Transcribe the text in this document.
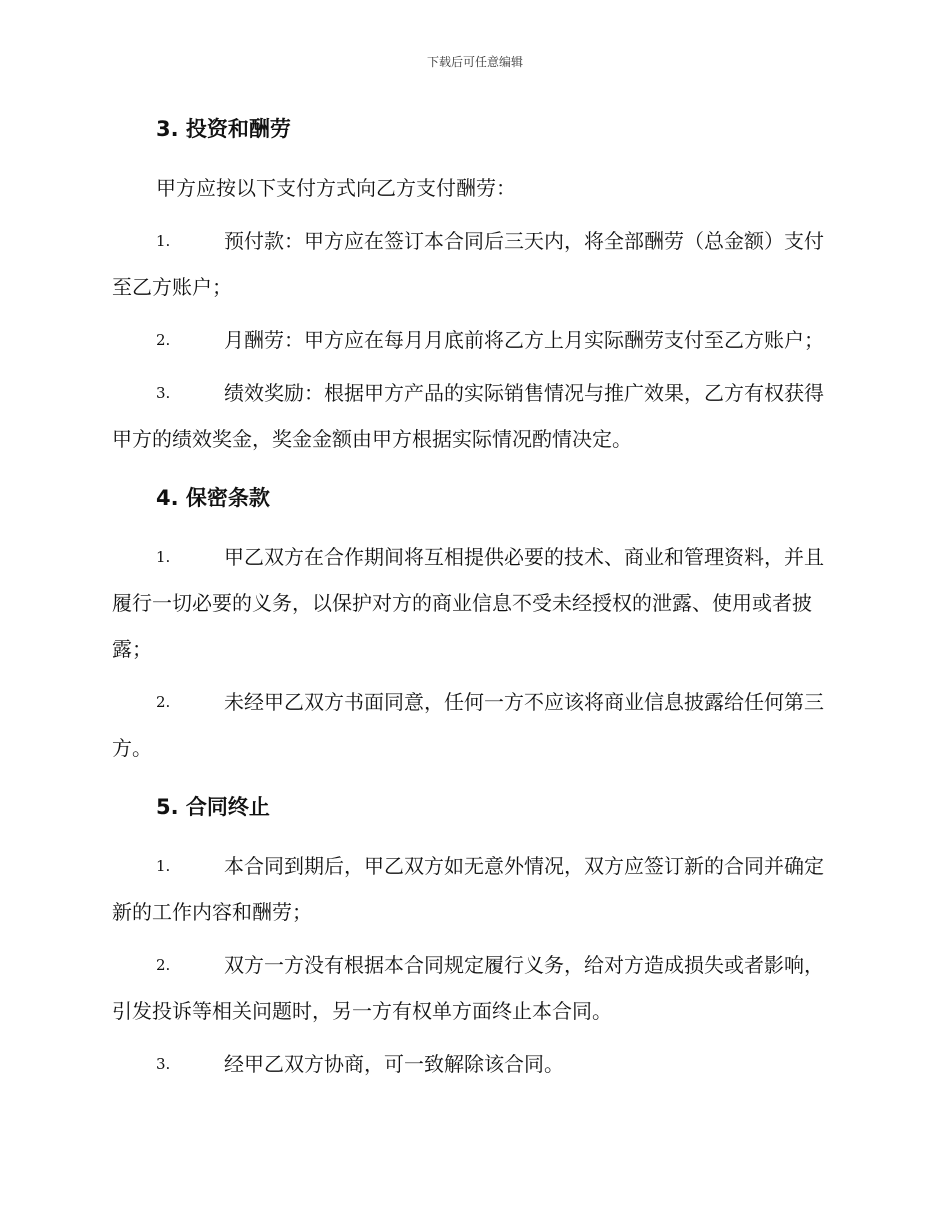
下载后可任意编辑
3. 投资和酬劳
甲方应按以下支付方式向乙方支付酬劳：
1.	预付款：甲方应在签订本合同后三天内，将全部酬劳（总金额）支付至乙方账户；
2.	月酬劳：甲方应在每月月底前将乙方上月实际酬劳支付至乙方账户；
3.	绩效奖励：根据甲方产品的实际销售情况与推广效果，乙方有权获得甲方的绩效奖金，奖金金额由甲方根据实际情况酌情决定。
4. 保密条款
1.	甲乙双方在合作期间将互相提供必要的技术、商业和管理资料，并且履行一切必要的义务，以保护对方的商业信息不受未经授权的泄露、使用或者披露；
2.	未经甲乙双方书面同意，任何一方不应该将商业信息披露给任何第三方。
5. 合同终止
1.	本合同到期后，甲乙双方如无意外情况，双方应签订新的合同并确定新的工作内容和酬劳；
2.	双方一方没有根据本合同规定履行义务，给对方造成损失或者影响，引发投诉等相关问题时，另一方有权单方面终止本合同。
3.	经甲乙双方协商，可一致解除该合同。
